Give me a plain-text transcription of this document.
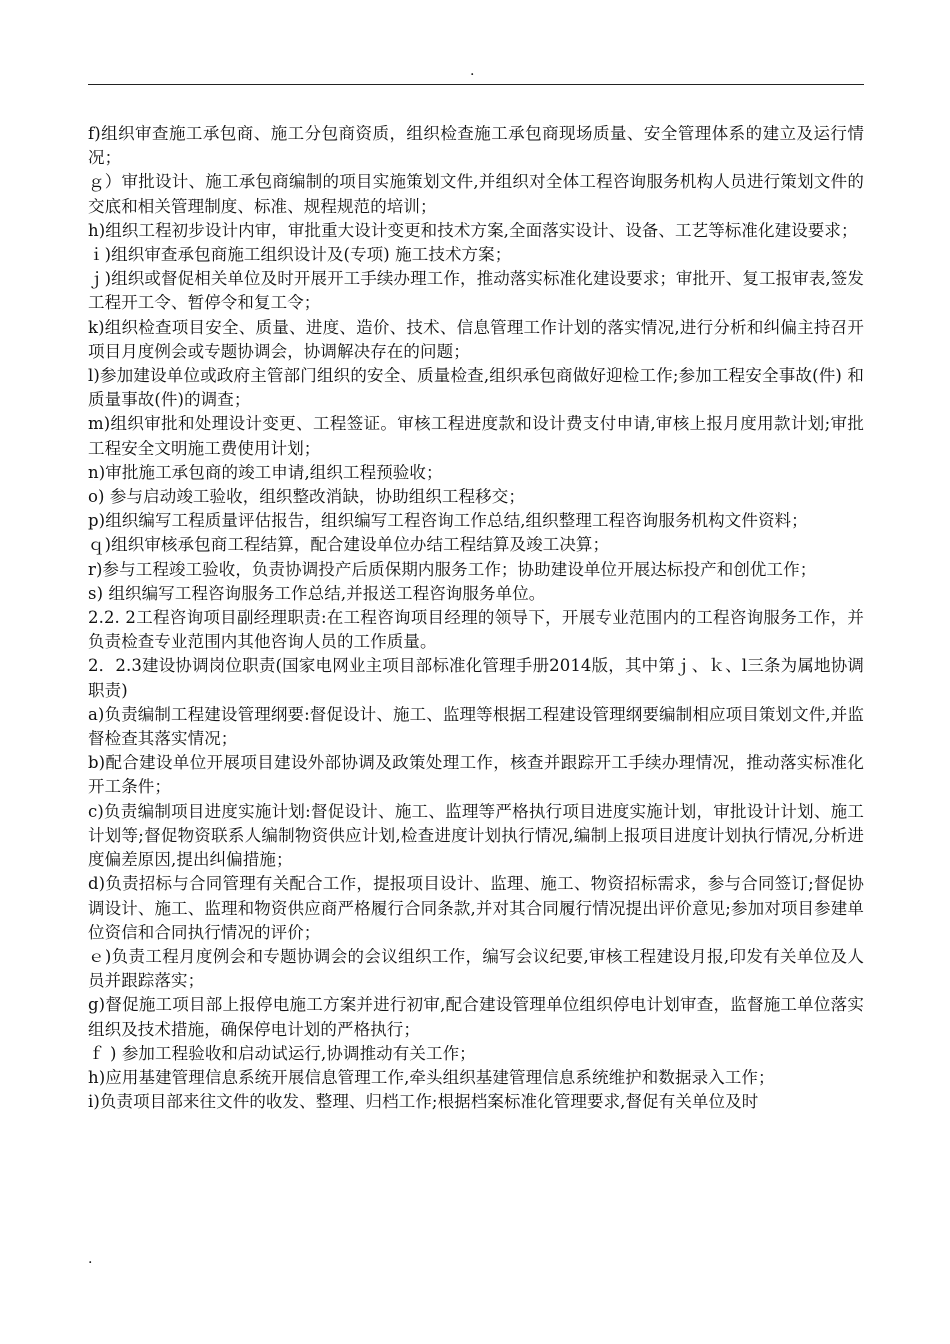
.

f)组织审查施工承包商、施工分包商资质，组织检查施工承包商现场质量、安全管理体系的建立及运行情况；

ｇ）审批设计、施工承包商编制的项目实施策划文件,并组织对全体工程咨询服务机构人员进行策划文件的交底和相关管理制度、标准、规程规范的培训；

h)组织工程初步设计内审，审批重大设计变更和技术方案,全面落实设计、设备、工艺等标准化建设要求；

ｉ)组织审查承包商施工组织设计及(专项) 施工技术方案；

ｊ)组织或督促相关单位及时开展开工手续办理工作，推动落实标准化建设要求；审批开、复工报审表,签发工程开工令、暂停令和复工令；

k)组织检查项目安全、质量、进度、造价、技术、信息管理工作计划的落实情况,进行分析和纠偏主持召开项目月度例会或专题协调会，协调解决存在的问题；

l)参加建设单位或政府主管部门组织的安全、质量检查,组织承包商做好迎检工作;参加工程安全事故(件) 和质量事故(件)的调查；

m)组织审批和处理设计变更、工程签证。审核工程进度款和设计费支付申请,审核上报月度用款计划;审批工程安全文明施工费使用计划；

n)审批施工承包商的竣工申请,组织工程预验收；

o) 参与启动竣工验收，组织整改消缺，协助组织工程移交；

p)组织编写工程质量评估报告，组织编写工程咨询工作总结,组织整理工程咨询服务机构文件资料；

ｑ)组织审核承包商工程结算，配合建设单位办结工程结算及竣工决算；

r)参与工程竣工验收，负责协调投产后质保期内服务工作；协助建设单位开展达标投产和创优工作；

s) 组织编写工程咨询服务工作总结,并报送工程咨询服务单位。

2.2. 2工程咨询项目副经理职责:在工程咨询项目经理的领导下，开展专业范围内的工程咨询服务工作，并负责检查专业范围内其他咨询人员的工作质量。

2．2.3建设协调岗位职责(国家电网业主项目部标准化管理手册2014版，其中第ｊ、ｋ、l三条为属地协调职责)

a)负责编制工程建设管理纲要:督促设计、施工、监理等根据工程建设管理纲要编制相应项目策划文件,并监督检查其落实情况；

b)配合建设单位开展项目建设外部协调及政策处理工作，核查并跟踪开工手续办理情况，推动落实标准化开工条件；

c)负责编制项目进度实施计划:督促设计、施工、监理等严格执行项目进度实施计划，审批设计计划、施工计划等;督促物资联系人编制物资供应计划,检查进度计划执行情况,编制上报项目进度计划执行情况,分析进度偏差原因,提出纠偏措施；

d)负责招标与合同管理有关配合工作，提报项目设计、监理、施工、物资招标需求，参与合同签订;督促协调设计、施工、监理和物资供应商严格履行合同条款,并对其合同履行情况提出评价意见;参加对项目参建单位资信和合同执行情况的评价；

ｅ)负责工程月度例会和专题协调会的会议组织工作，编写会议纪要,审核工程建设月报,印发有关单位及人员并跟踪落实；

g)督促施工项目部上报停电施工方案并进行初审,配合建设管理单位组织停电计划审查，监督施工单位落实组织及技术措施，确保停电计划的严格执行；

ｆ ) 参加工程验收和启动试运行,协调推动有关工作；

h)应用基建管理信息系统开展信息管理工作,牵头组织基建管理信息系统维护和数据录入工作；

i)负责项目部来往文件的收发、整理、归档工作;根据档案标准化管理要求,督促有关单位及时

.
